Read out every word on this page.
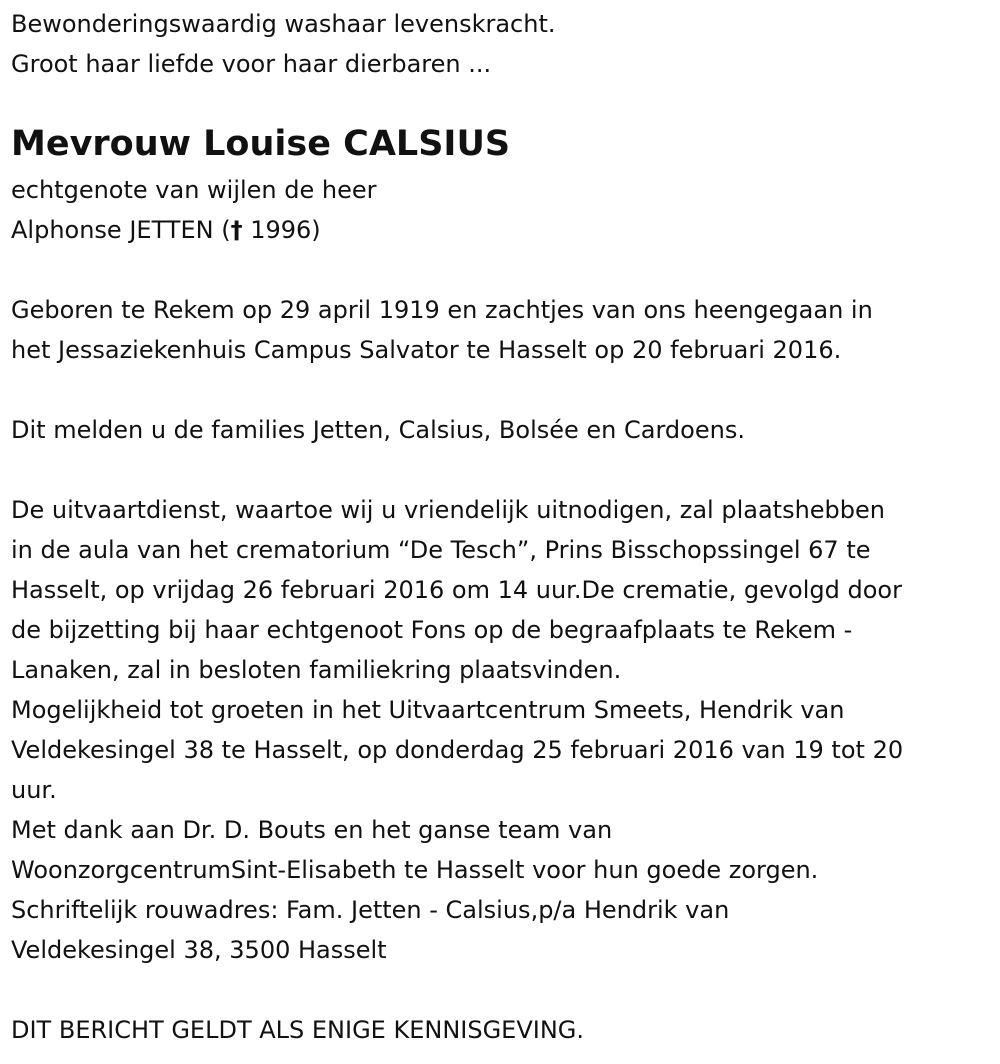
Bewonderingswaardig washaar levenskracht.
Groot haar liefde voor haar dierbaren ...
Mevrouw Louise CALSIUS
echtgenote van wijlen de heer
Alphonse JETTEN († 1996)
Geboren te Rekem op 29 april 1919 en zachtjes van ons heengegaan in
het Jessaziekenhuis Campus Salvator te Hasselt op 20 februari 2016.
Dit melden u de families Jetten, Calsius, Bolsée en Cardoens.
De uitvaartdienst, waartoe wij u vriendelijk uitnodigen, zal plaatshebben
in de aula van het crematorium “De Tesch”, Prins Bisschopssingel 67 te
Hasselt, op vrijdag 26 februari 2016 om 14 uur.De crematie, gevolgd door
de bijzetting bij haar echtgenoot Fons op de begraafplaats te Rekem -
Lanaken, zal in besloten familiekring plaatsvinden.
Mogelijkheid tot groeten in het Uitvaartcentrum Smeets, Hendrik van
Veldekesingel 38 te Hasselt, op donderdag 25 februari 2016 van 19 tot 20
uur.
Met dank aan Dr. D. Bouts en het ganse team van
WoonzorgcentrumSint-Elisabeth te Hasselt voor hun goede zorgen.
Schriftelijk rouwadres: Fam. Jetten - Calsius,p/a Hendrik van
Veldekesingel 38, 3500 Hasselt
DIT BERICHT GELDT ALS ENIGE KENNISGEVING.
